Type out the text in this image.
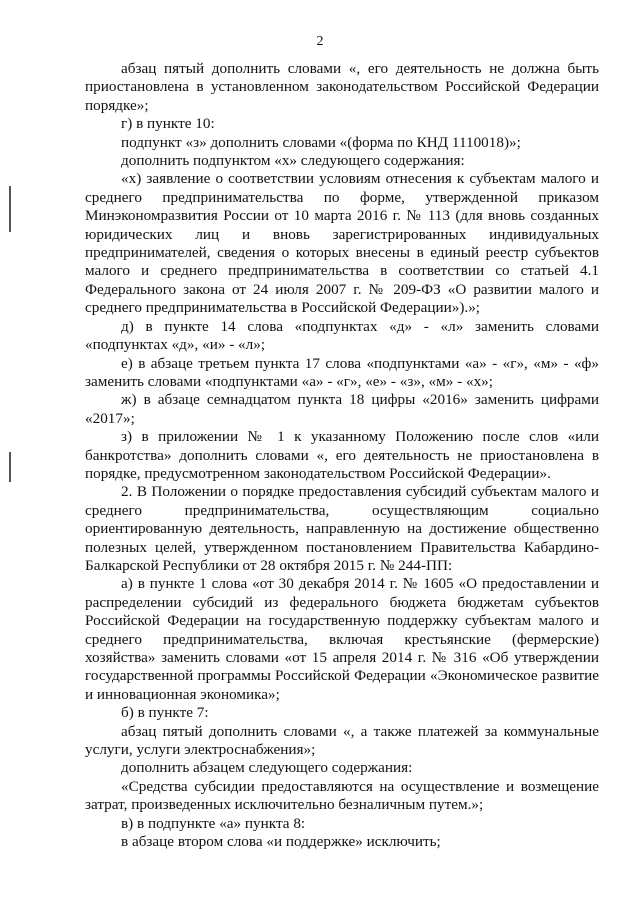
2

абзац пятый дополнить словами «, его деятельность не должна быть приостановлена в установленном законодательством Российской Федерации порядке»;

г) в пункте 10:

подпункт «з» дополнить словами «(форма по КНД 1110018)»;

дополнить подпунктом «х» следующего содержания:

«х) заявление о соответствии условиям отнесения к субъектам малого и среднего предпринимательства по форме, утвержденной приказом Минэкономразвития России от 10 марта 2016 г. № 113 (для вновь созданных юридических лиц и вновь зарегистрированных индивидуальных предпринимателей, сведения о которых внесены в единый реестр субъектов малого и среднего предпринимательства в соответствии со статьей 4.1 Федерального закона от 24 июля 2007 г. № 209-ФЗ «О развитии малого и среднего предпринимательства в Российской Федерации»).»;

д) в пункте 14 слова «подпунктах «д» - «л» заменить словами «подпунктах «д», «и» - «л»;

е) в абзаце третьем пункта 17 слова «подпунктами «а» - «г», «м» - «ф» заменить словами «подпунктами «а» - «г», «е» - «з», «м» - «х»;

ж) в абзаце семнадцатом пункта 18 цифры «2016» заменить цифрами «2017»;

з) в приложении № 1 к указанному Положению после слов «или банкротства» дополнить словами «, его деятельность не приостановлена в порядке, предусмотренном законодательством Российской Федерации».

2. В Положении о порядке предоставления субсидий субъектам малого и среднего предпринимательства, осуществляющим социально ориентированную деятельность, направленную на достижение общественно полезных целей, утвержденном постановлением Правительства Кабардино-Балкарской Республики от 28 октября 2015 г. № 244-ПП:

а) в пункте 1 слова «от 30 декабря 2014 г. № 1605 «О предоставлении и распределении субсидий из федерального бюджета бюджетам субъектов Российской Федерации на государственную поддержку субъектам малого и среднего предпринимательства, включая крестьянские (фермерские) хозяйства» заменить словами «от 15 апреля 2014 г. № 316 «Об утверждении государственной программы Российской Федерации «Экономическое развитие и инновационная экономика»;

б) в пункте 7:

абзац пятый дополнить словами «, а также платежей за коммунальные услуги, услуги электроснабжения»;

дополнить абзацем следующего содержания:

«Средства субсидии предоставляются на осуществление и возмещение затрат, произведенных исключительно безналичным путем.»;

в) в подпункте «а» пункта 8:

в абзаце втором слова «и поддержке» исключить;
